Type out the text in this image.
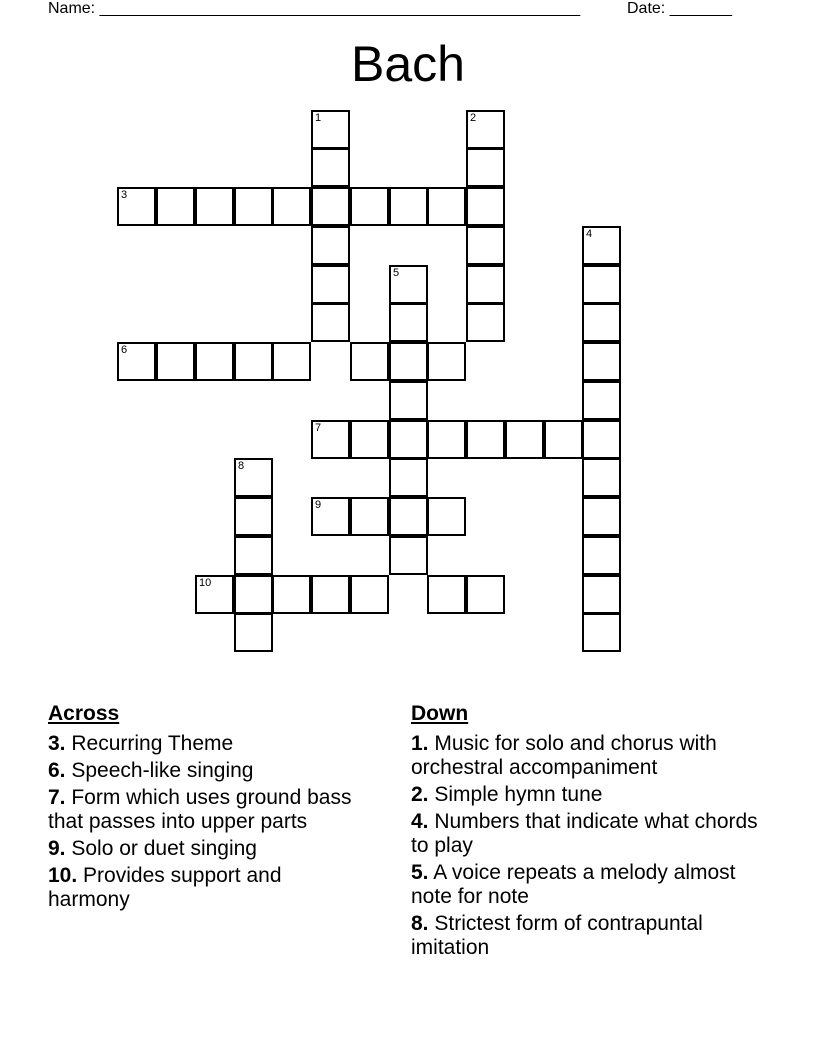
Name: ______________________________________________________	Date: _______
Bach
1	2
3
4
5
6
7
8
9
10
Across
3. Recurring Theme
6. Speech-like singing
7. Form which uses ground bass that passes into upper parts
9. Solo or duet singing
10. Provides support and harmony
Down
1. Music for solo and chorus with orchestral accompaniment
2. Simple hymn tune
4. Numbers that indicate what chords to play
5. A voice repeats a melody almost note for note
8. Strictest form of contrapuntal imitation
